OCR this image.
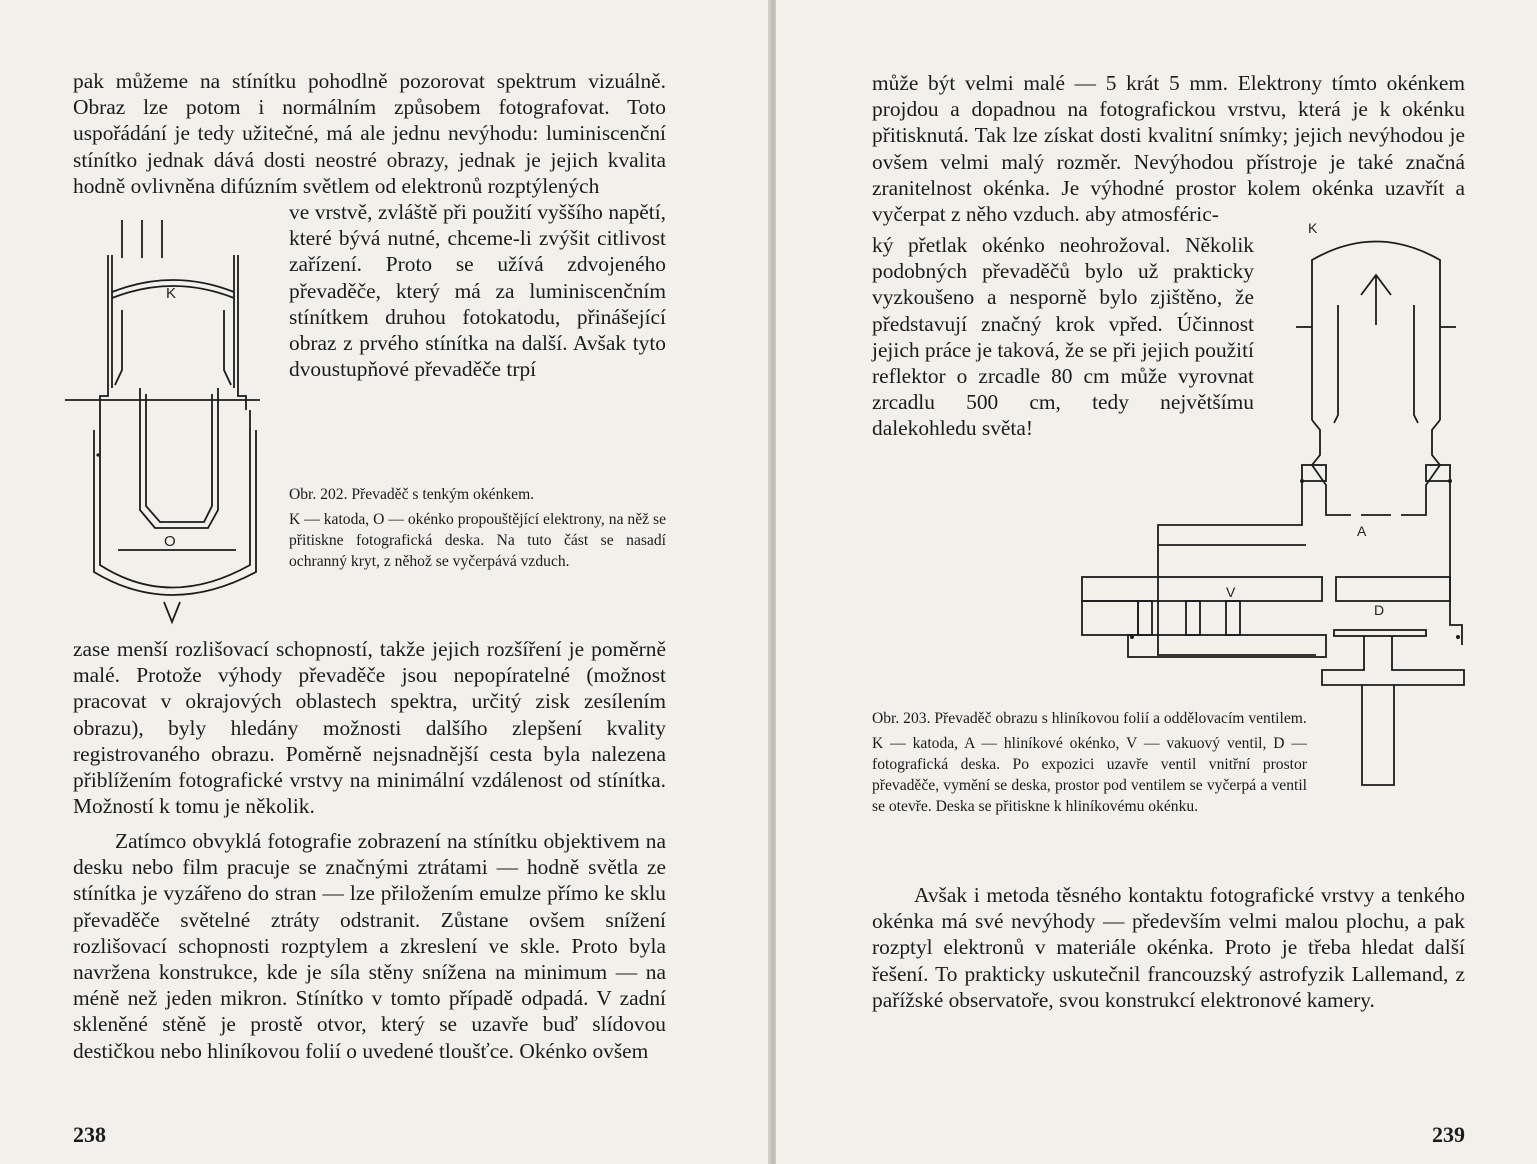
pak můžeme na stínítku pohodlně pozorovat spektrum vizuálně. Obraz lze potom i normálním způsobem fotografovat. Toto uspořádání je tedy užitečné, má ale jednu nevýhodu: luminiscenční stínítko jednak dává dosti neostré obrazy, jednak je jejich kvalita hodně ovlivněna difúzním světlem od elektronů rozptýlených

ve vrstvě, zvláště při použití vyššího napětí, které bývá nutné, chceme-li zvýšit citlivost zařízení. Proto se užívá zdvojeného převaděče, který má za luminiscenčním stínítkem druhou fotokatodu, přinášející obraz z prvého stínítka na další. Avšak tyto dvoustupňové převaděče trpí

K
O

Obr. 202. Převaděč s tenkým okénkem.

K — katoda, O — okénko propouštějící elektrony, na něž se přitiskne fotografická deska. Na tuto část se nasadí ochranný kryt, z něhož se vyčerpává vzduch.

zase menší rozlišovací schopností, takže jejich rozšíření je poměrně malé. Protože výhody převaděče jsou nepopíratelné (možnost pracovat v okrajových oblastech spektra, určitý zisk zesílením obrazu), byly hledány možnosti dalšího zlepšení kvality registrovaného obrazu. Poměrně nejsnadnější cesta byla nalezena přiblížením fotografické vrstvy na minimální vzdálenost od stínítka. Možností k tomu je několik.

Zatímco obvyklá fotografie zobrazení na stínítku objektivem na desku nebo film pracuje se značnými ztrátami — hodně světla ze stínítka je vyzářeno do stran — lze přiložením emulze přímo ke sklu převaděče světelné ztráty odstranit. Zůstane ovšem snížení rozlišovací schopnosti rozptylem a zkreslení ve skle. Proto byla navržena konstrukce, kde je síla stěny snížena na minimum — na méně než jeden mikron. Stínítko v tomto případě odpadá. V zadní skleněné stěně je prostě otvor, který se uzavře buď slídovou destičkou nebo hliníkovou folií o uvedené tloušťce. Okénko ovšem

238

může být velmi malé — 5 krát 5 mm. Elektrony tímto okénkem projdou a dopadnou na fotografickou vrstvu, která je k okénku přitisknutá. Tak lze získat dosti kvalitní snímky; jejich nevýhodou je ovšem velmi malý rozměr. Nevýhodou přístroje je také značná zranitelnost okénka. Je výhodné prostor kolem okénka uzavřít a vyčerpat z něho vzduch. aby atmosféric-

ký přetlak okénko neohrožoval. Několik podobných převaděčů bylo už prakticky vyzkoušeno a nesporně bylo zjištěno, že představují značný krok vpřed. Účinnost jejich práce je taková, že se při jejich použití reflektor o zrcadle 80 cm může vyrovnat zrcadlu 500 cm, tedy největšímu dalekohledu světa!

K
A
V
D

Obr. 203. Převaděč obrazu s hliníkovou folií a oddělovacím ventilem.

K — katoda, A — hliníkové okénko, V — vakuový ventil, D — fotografická deska. Po expozici uzavře ventil vnitřní prostor převaděče, vymění se deska, prostor pod ventilem se vyčerpá a ventil se otevře. Deska se přitiskne k hliníkovému okénku.

Avšak i metoda těsného kontaktu fotografické vrstvy a tenkého okénka má své nevýhody — především velmi malou plochu, a pak rozptyl elektronů v materiále okénka. Proto je třeba hledat další řešení. To prakticky uskutečnil francouzský astrofyzik Lallemand, z pařížské observatoře, svou konstrukcí elektronové kamery.

239
